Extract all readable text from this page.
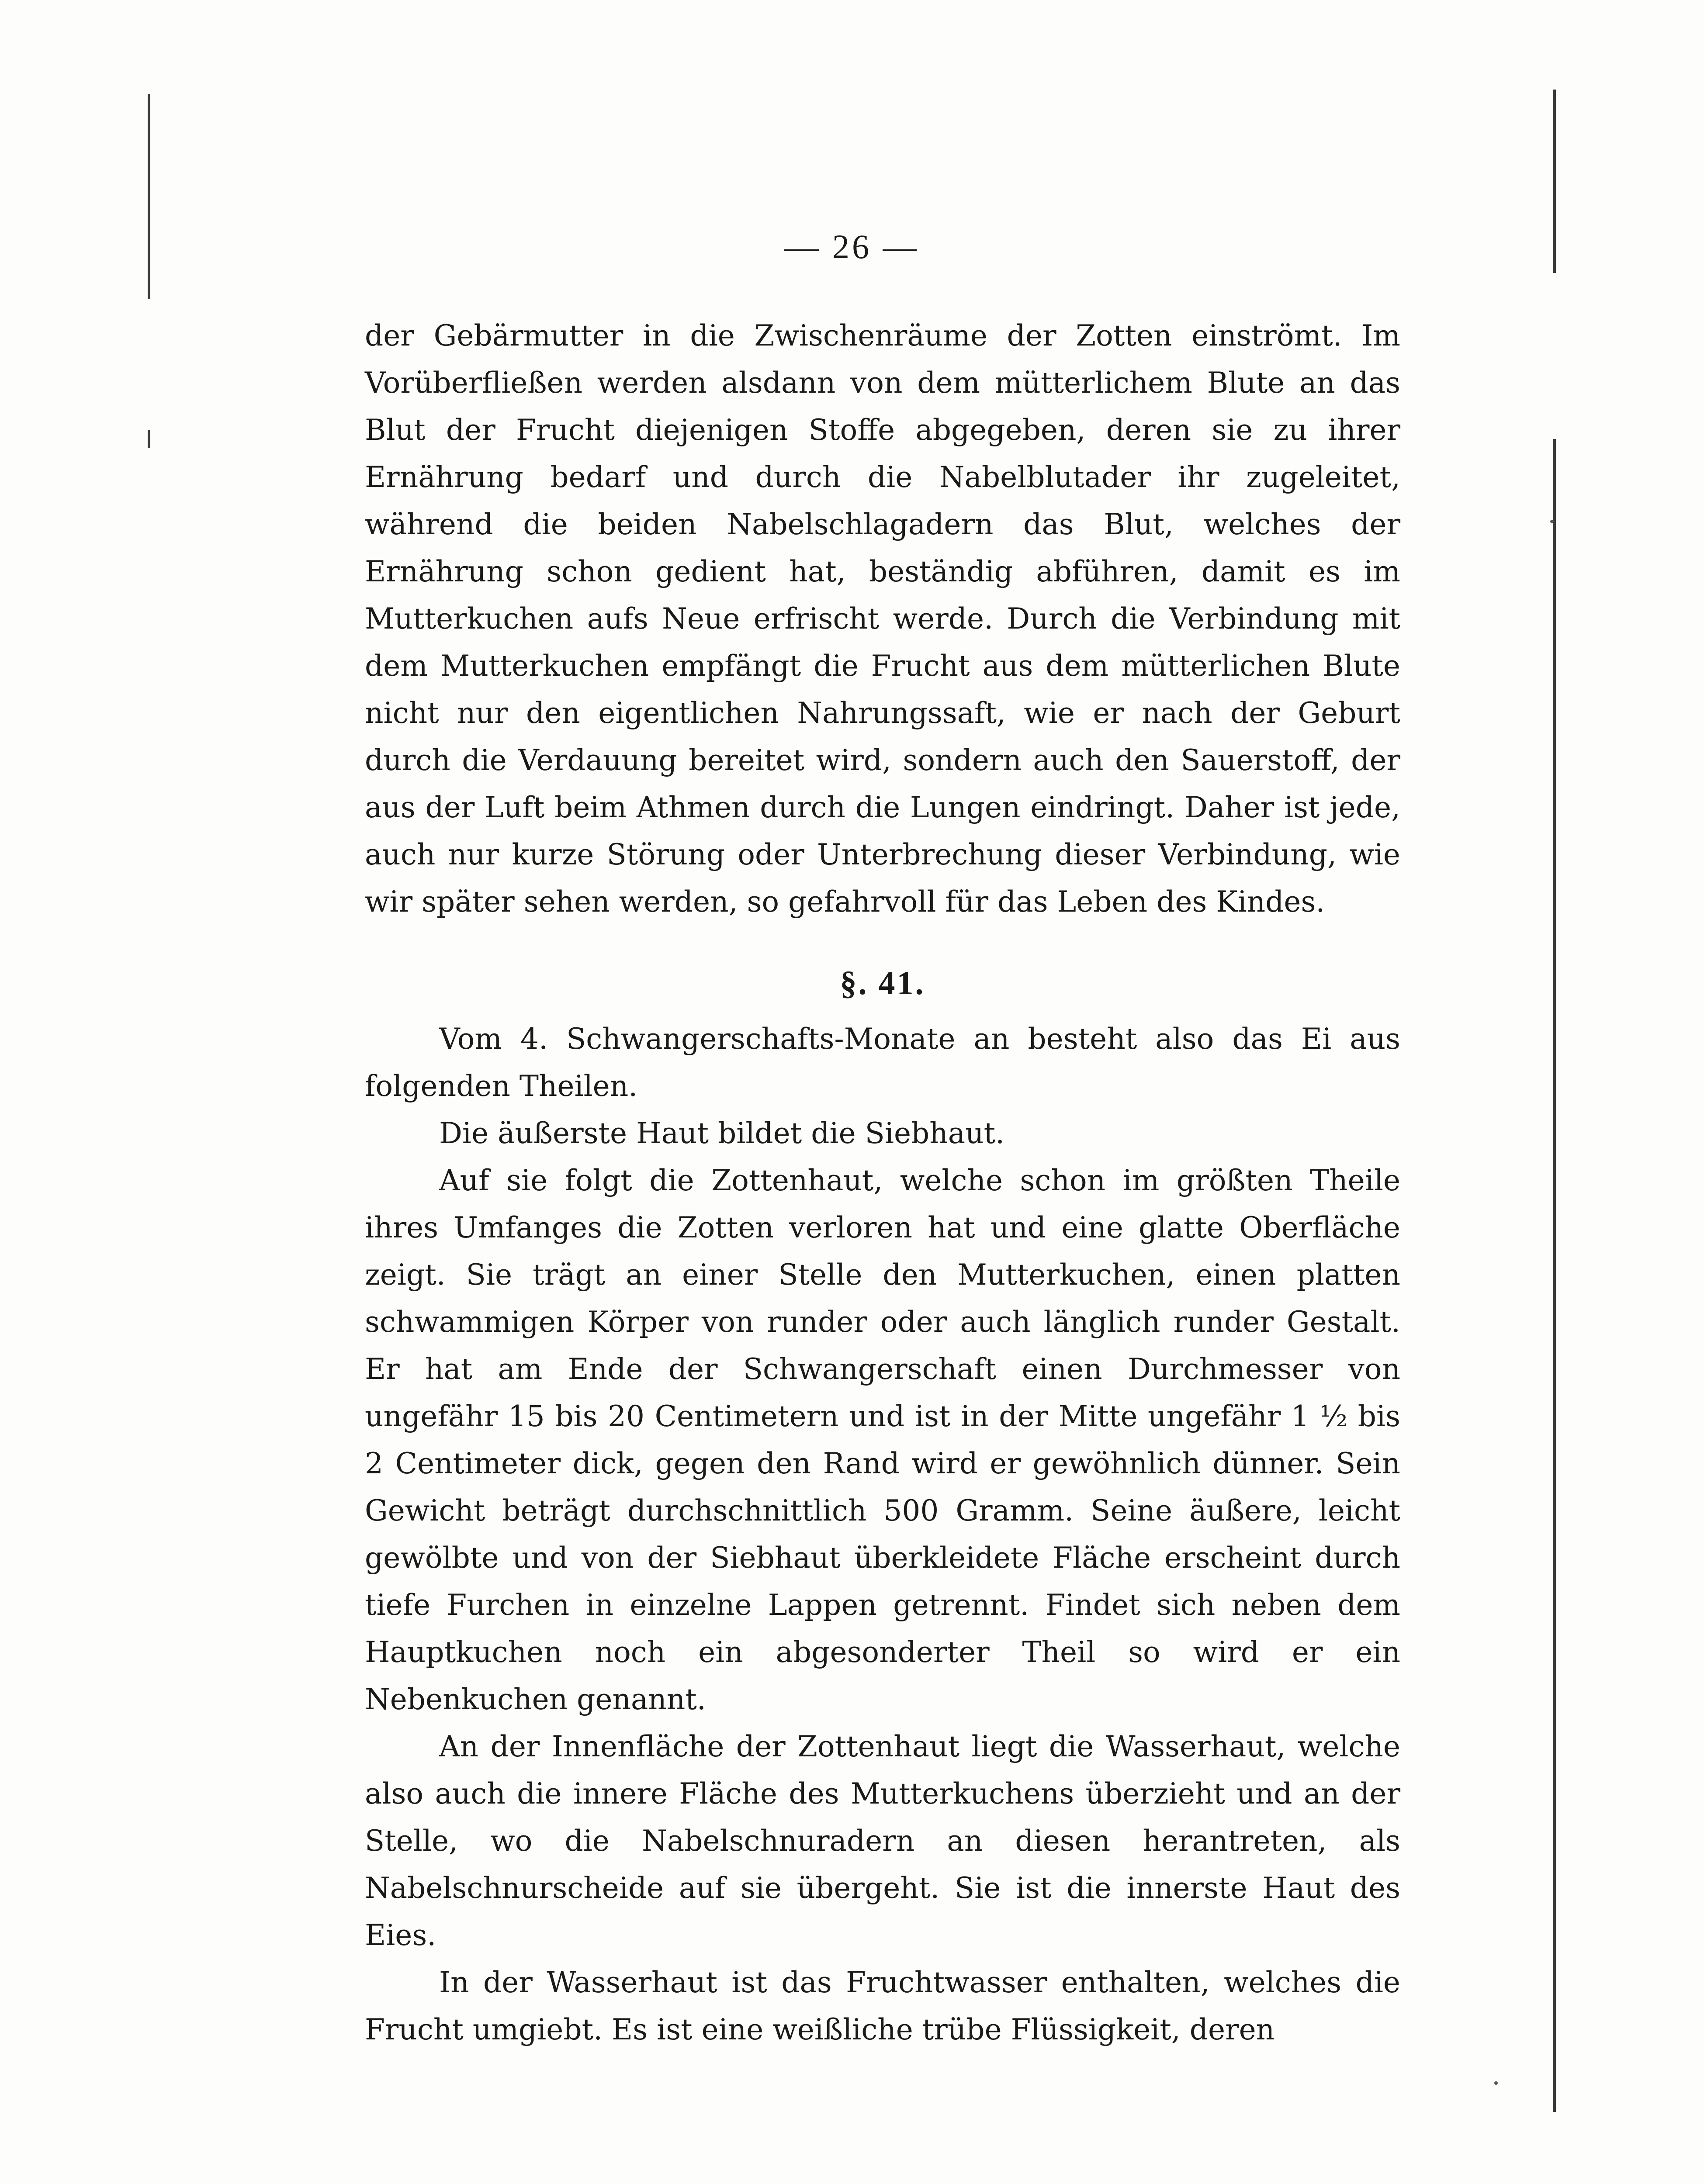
— 26 —

der Gebärmutter in die Zwischenräume der Zotten einströmt. Im Vorüberfließen werden alsdann von dem mütterlichem Blute an das Blut der Frucht diejenigen Stoffe abgegeben, deren sie zu ihrer Ernährung bedarf und durch die Nabelblutader ihr zugeleitet, während die beiden Nabelschlagadern das Blut, welches der Ernährung schon gedient hat, beständig abführen, damit es im Mutterkuchen aufs Neue erfrischt werde. Durch die Verbindung mit dem Mutterkuchen empfängt die Frucht aus dem mütterlichen Blute nicht nur den eigentlichen Nahrungssaft, wie er nach der Geburt durch die Verdauung bereitet wird, sondern auch den Sauerstoff, der aus der Luft beim Athmen durch die Lungen eindringt. Daher ist jede, auch nur kurze Störung oder Unterbrechung dieser Verbindung, wie wir später sehen werden, so gefahrvoll für das Leben des Kindes.

§. 41.

Vom 4. Schwangerschafts-Monate an besteht also das Ei aus folgenden Theilen.

Die äußerste Haut bildet die Siebhaut.

Auf sie folgt die Zottenhaut, welche schon im größten Theile ihres Umfanges die Zotten verloren hat und eine glatte Oberfläche zeigt. Sie trägt an einer Stelle den Mutterkuchen, einen platten schwammigen Körper von runder oder auch länglich runder Gestalt. Er hat am Ende der Schwangerschaft einen Durchmesser von ungefähr 15 bis 20 Centimetern und ist in der Mitte ungefähr 1 ½ bis 2 Centimeter dick, gegen den Rand wird er gewöhnlich dünner. Sein Gewicht beträgt durchschnittlich 500 Gramm. Seine äußere, leicht gewölbte und von der Siebhaut überkleidete Fläche erscheint durch tiefe Furchen in einzelne Lappen getrennt. Findet sich neben dem Hauptkuchen noch ein abgesonderter Theil so wird er ein Nebenkuchen genannt.

An der Innenfläche der Zottenhaut liegt die Wasserhaut, welche also auch die innere Fläche des Mutterkuchens überzieht und an der Stelle, wo die Nabelschnuradern an diesen herantreten, als Nabelschnurscheide auf sie übergeht. Sie ist die innerste Haut des Eies.

In der Wasserhaut ist das Fruchtwasser enthalten, welches die Frucht umgiebt. Es ist eine weißliche trübe Flüssigkeit, deren
